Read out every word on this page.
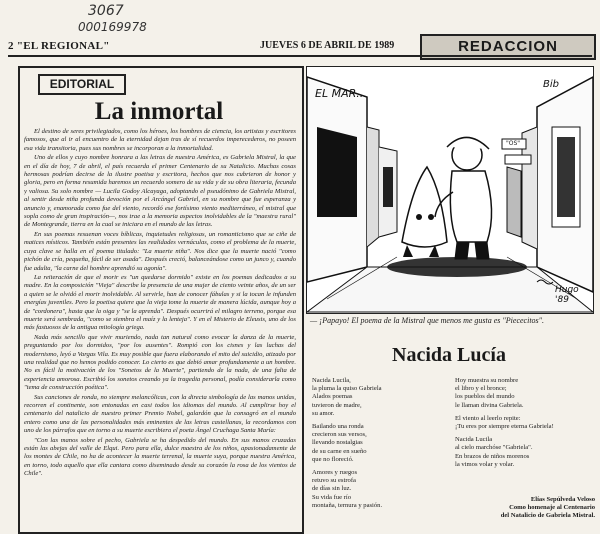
3067
000169978
2 "EL REGIONAL"	JUEVES 6 DE ABRIL DE 1989	REDACCION
EDITORIAL
La inmortal

El destino de seres privilegiados, como los héroes, los hombres de ciencia, los artistas y escritores famosos, que al ir al encuentro de la eternidad dejan tras de sí recuerdos imperecederos, no poseen esa vida transitoria, pues sus nombres se incorporan a la inmortalidad.

Uno de ellos y cuyo nombre honrara a las letras de nuestra América, es Gabriela Mistral, la que en el día de hoy, 7 de abril, el país recuerda el primer Centenario de su Natalicio. Muchas cosas hermosas podrían decirse de la ilustre poetisa y escritora, hechos que nos cubrieron de honor y gloria, pero en forma resumida haremos un recuerdo somero de su vida y de su obra literaria, fecunda y valiosa. Su solo nombre — Lucila Godoy Alcayaga, adoptando el pseudónimo de Gabriela Mistral, al sentir desde niña profunda devoción por el Arcángel Gabriel, en su nombre que fue esperanza y anuncio y, enamorada como fue del viento, recordó ese fortísimo viento mediterráneo, el mistral que sopla como de gran inspiración—, nos trae a la memoria aspectos inolvidables de la "maestra rural" de Montegrande, tierra en la cual se iniciara en el mundo de las letras.

En sus poemas resuenan voces bíblicas, inquietudes religiosas, un romanticismo que se ciñe de matices místicos. También están presentes las realidades vernáculas, como el problema de la muerte, cuya clave se halla en el poema titulado: "La muerte niña". Nos dice que la muerte nació "como pichón de cría, pequeña, fácil de ser asada". Después creció, balanceándose como un junco y, cuando fue adulta, "la carne del hombre aprendió su agonía".

La reiteración de que el morir es "un quedarse dormido" existe en los poemas dedicados a su madre. En la composición "Vieja" describe la presencia de una mujer de ciento veinte años, de un ser a quien se le olvidó el morir inolvidable. Al servirle, han de conocer fábulas y si la tocan le infunden energías juveniles. Pero la poetisa quiere que la vieja tome la muerte de manera lúcida, aunque hoy a de "cordonera", hasta que la oiga y "se la aprenda". Después ocurrirá el milagro terreno, porque esa muerte será sembrada, "como se siembra el maíz y la lenteja". Y en el Misterio de Eleusis, uno de los más fastuosos de la antigua mitología griega.

Nada más sencillo que vivir muriendo, nada tan natural como evocar la danza de la muerte, preguntando por los dormidos, "por los ausentes". Rompió con los cisnes y las luchas del modernismo, leyó a Vargas Vila. Es muy posible que fuera elaborando el mito del suicidio, atizado por una realidad que no hemos podido conocer. Lo cierto es que debió amar profundamente a un hombre. No es fácil la motivación de los "Sonetos de la Muerte", partiendo de la nada, de una falta de experiencia amorosa. Escribió los sonetos creando ya la tragedia personal, podía considerarla como "tema de construcción poética".

Sus canciones de ronda, no siempre melancólicas, con la directa simbología de las manos unidas, recorren el continente, son entonadas en casi todos los idiomas del mundo. Al cumplirse hoy el centenario del natalicio de nuestro primer Premio Nobel, galardón que la consagró en el mundo entero como una de las personalidades más eminentes de las letras castellanas, la recordamos con uno de los párrafos que en torno a su muerte escribiera el poeta Ángel Cruchaga Santa María:

"Con las manos sobre el pecho, Gabriela se ha despedido del mundo. En sus manos cruzadas están las abejas del valle de Elqui. Pero para ella, dulce maestra de los niños, apasionadamente de los montes de Chile, no ha de acontecer la muerte terrenal, la muerte suya, porque nuestra América, en torno, todo aquello que ella cantara como diseminado desde su corazón la rosa de los vientos de Chile".

EL MAR...
Bib
"OS"
Hugo '89
— ¡Papayo! El poema de la Mistral que menos me gusta es "Piececitos".
Nacida Lucía
Nacida Lucila,
la pluma la quiso Gabriela
Alados poemas
tuvieron de madre,
su amor.
Bailando una ronda
crecieron sus versos,
llevando nostalgias
de su carne en sueño
que no floreció.
Amores y ruegos
retuvo su estrofa
de días sin luz.
Su vida fue río
montaña, ternura y pasión.
Hoy muestra su nombre
el libro y el bronce;
los pueblos del mundo
le llaman divina Gabriela.
El viento al leerlo repite:
¡Tu eres por siempre eterna Gabriela!
Nacida Lucila
al cielo marchóse "Gabriela".
En brazos de niños morenos
la vimos volar y volar.
Elías Sepúlveda Veloso
Como homenaje al Centenario
del Natalicio de Gabriela Mistral.
